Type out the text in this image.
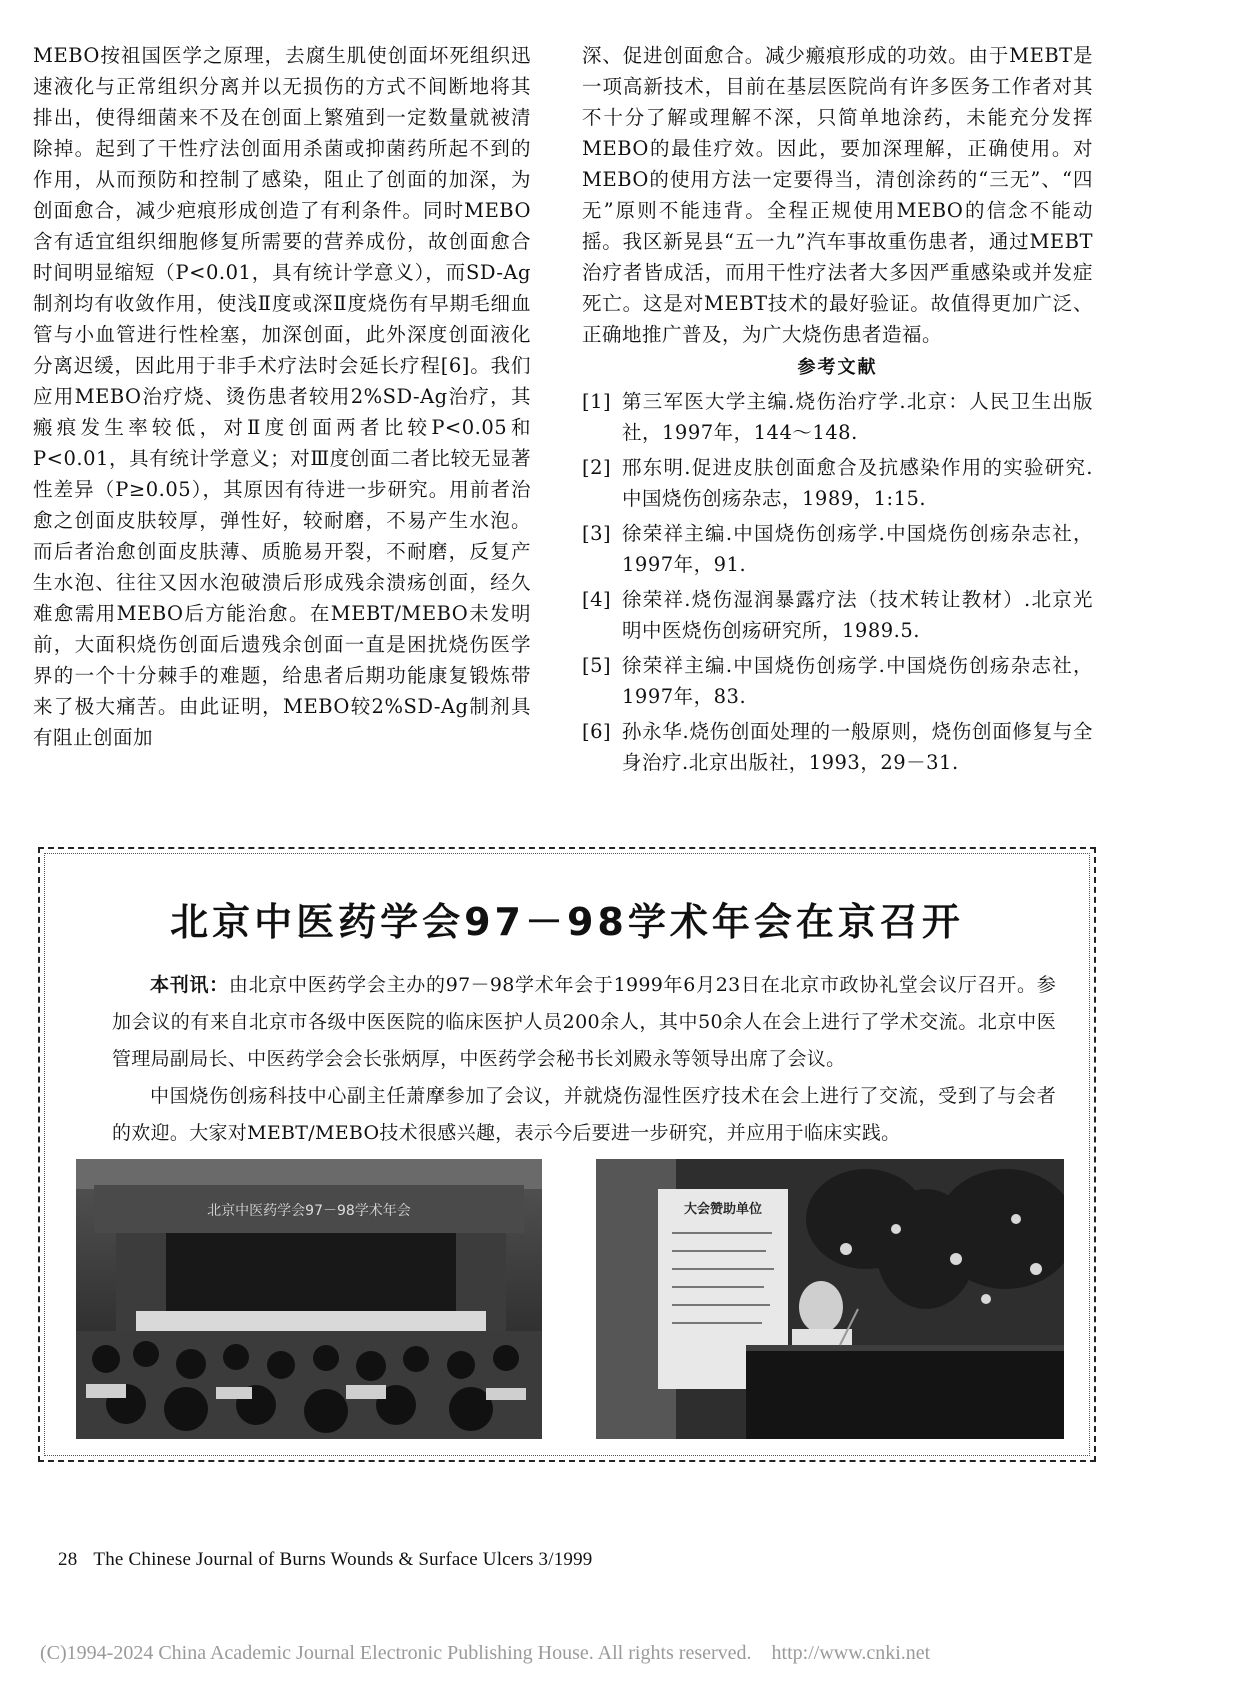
MEBO按祖国医学之原理，去腐生肌使创面坏死组织迅速液化与正常组织分离并以无损伤的方式不间断地将其排出，使得细菌来不及在创面上繁殖到一定数量就被清除掉。起到了干性疗法创面用杀菌或抑菌药所起不到的作用，从而预防和控制了感染，阻止了创面的加深，为创面愈合，减少疤痕形成创造了有利条件。同时MEBO含有适宜组织细胞修复所需要的营养成份，故创面愈合时间明显缩短（P<0.01，具有统计学意义），而SD-Ag制剂均有收敛作用，使浅Ⅱ度或深Ⅱ度烧伤有早期毛细血管与小血管进行性栓塞，加深创面，此外深度创面液化分离迟缓，因此用于非手术疗法时会延长疗程[6]。我们应用MEBO治疗烧、烫伤患者较用2%SD-Ag治疗，其瘢痕发生率较低，对Ⅱ度创面两者比较P<0.05和P<0.01，具有统计学意义；对Ⅲ度创面二者比较无显著性差异（P≥0.05），其原因有待进一步研究。用前者治愈之创面皮肤较厚，弹性好，较耐磨，不易产生水泡。而后者治愈创面皮肤薄、质脆易开裂，不耐磨，反复产生水泡、往往又因水泡破溃后形成残余溃疡创面，经久难愈需用MEBO后方能治愈。在MEBT/MEBO未发明前，大面积烧伤创面后遗残余创面一直是困扰烧伤医学界的一个十分棘手的难题，给患者后期功能康复锻炼带来了极大痛苦。由此证明，MEBO较2%SD-Ag制剂具有阻止创面加

深、促进创面愈合。减少瘢痕形成的功效。由于MEBT是一项高新技术，目前在基层医院尚有许多医务工作者对其不十分了解或理解不深，只简单地涂药，未能充分发挥MEBO的最佳疗效。因此，要加深理解，正确使用。对MEBO的使用方法一定要得当，清创涂药的“三无”、“四无”原则不能违背。全程正规使用MEBO的信念不能动摇。我区新晃县“五一九”汽车事故重伤患者，通过MEBT治疗者皆成活，而用干性疗法者大多因严重感染或并发症死亡。这是对MEBT技术的最好验证。故值得更加广泛、正确地推广普及，为广大烧伤患者造福。

参考文献
[1] 第三军医大学主编.烧伤治疗学.北京：人民卫生出版社，1997年，144～148.
[2] 邢东明.促进皮肤创面愈合及抗感染作用的实验研究.中国烧伤创疡杂志，1989，1:15.
[3] 徐荣祥主编.中国烧伤创疡学.中国烧伤创疡杂志社，1997年，91.
[4] 徐荣祥.烧伤湿润暴露疗法（技术转让教材）.北京光明中医烧伤创疡研究所，1989.5.
[5] 徐荣祥主编.中国烧伤创疡学.中国烧伤创疡杂志社，1997年，83.
[6] 孙永华.烧伤创面处理的一般原则，烧伤创面修复与全身治疗.北京出版社，1993，29－31.
北京中医药学会97－98学术年会在京召开

本刊讯：由北京中医药学会主办的97－98学术年会于1999年6月23日在北京市政协礼堂会议厅召开。参加会议的有来自北京市各级中医医院的临床医护人员200余人，其中50余人在会上进行了学术交流。北京中医管理局副局长、中医药学会会长张炳厚，中医药学会秘书长刘殿永等领导出席了会议。

中国烧伤创疡科技中心副主任萧摩参加了会议，并就烧伤湿性医疗技术在会上进行了交流，受到了与会者的欢迎。大家对MEBT/MEBO技术很感兴趣，表示今后要进一步研究，并应用于临床实践。

北京中医药学会97－98学术年会	大会赞助单位
28 The Chinese Journal of Burns Wounds & Surface Ulcers 3/1999
(C)1994-2024 China Academic Journal Electronic Publishing House. All rights reserved. http://www.cnki.net
